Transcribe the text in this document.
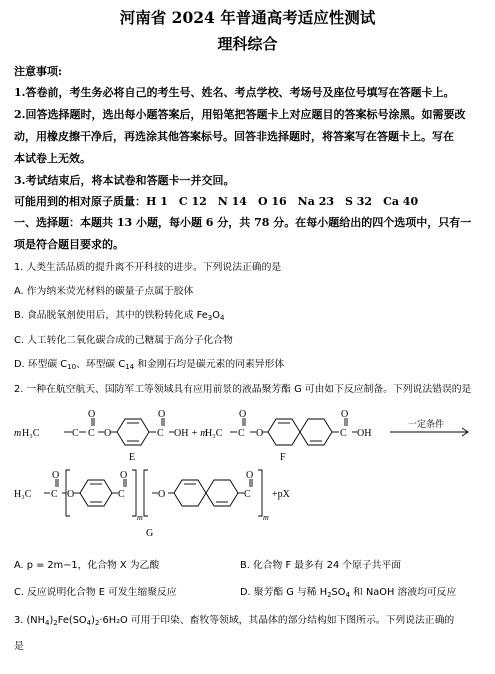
河南省 2024 年普通高考适应性测试
理科综合
注意事项:
1.答卷前，考生务必将自己的考生号、姓名、考点学校、考场号及座位号填写在答题卡上。
2.回答选择题时，选出每小题答案后，用铅笔把答题卡上对应题目的答案标号涂黑。如需要改
动，用橡皮擦干净后，再选涂其他答案标号。回答非选择题时，将答案写在答题卡上。写在
本试卷上无效。
3.考试结束后，将本试卷和答题卡一并交回。
可能用到的相对原子质量：H 1　C 12　N 14　O 16　Na 23　S 32　Ca 40
一、选择题：本题共 13 小题，每小题 6 分，共 78 分。在每小题给出的四个选项中，只有一
项是符合题目要求的。
1. 人类生活品质的提升离不开科技的进步。下列说法正确的是
A. 作为纳米荧光材料的碳量子点属于胶体
B. 食品脱氧剂使用后，其中的铁粉转化成 $Fe_3O_4$
C. 人工转化二氧化碳合成的己糖属于高分子化合物
D. 环型碳 $C_{10}$、环型碳 $C_{14}$ 和金刚石均是碳元素的同素异形体
2. 一种在航空航天、国防军工等领域具有应用前景的液晶聚芳酯 G 可由如下反应制备。下列说法错误的是
m H₃C	C C
O
O	C
O
OH
E
+ m
H₃C C
O
O	C
O
OH
F
一定条件
H₃C C
O
O	C
O
m
O	C
O
m
+pX
G
A. p = 2m−1，化合物 X 为乙酸	B. 化合物 F 最多有 24 个原子共平面
C. 反应说明化合物 E 可发生缩聚反应	D. 聚芳酯 G 与稀 $H_2SO_4$ 和 NaOH 溶液均可反应
3. $(NH_4)_2Fe(SO_4)_2\cdot 6H_2O$ 可用于印染、畜牧等领域，其晶体的部分结构如下图所示。下列说法正确的
是
